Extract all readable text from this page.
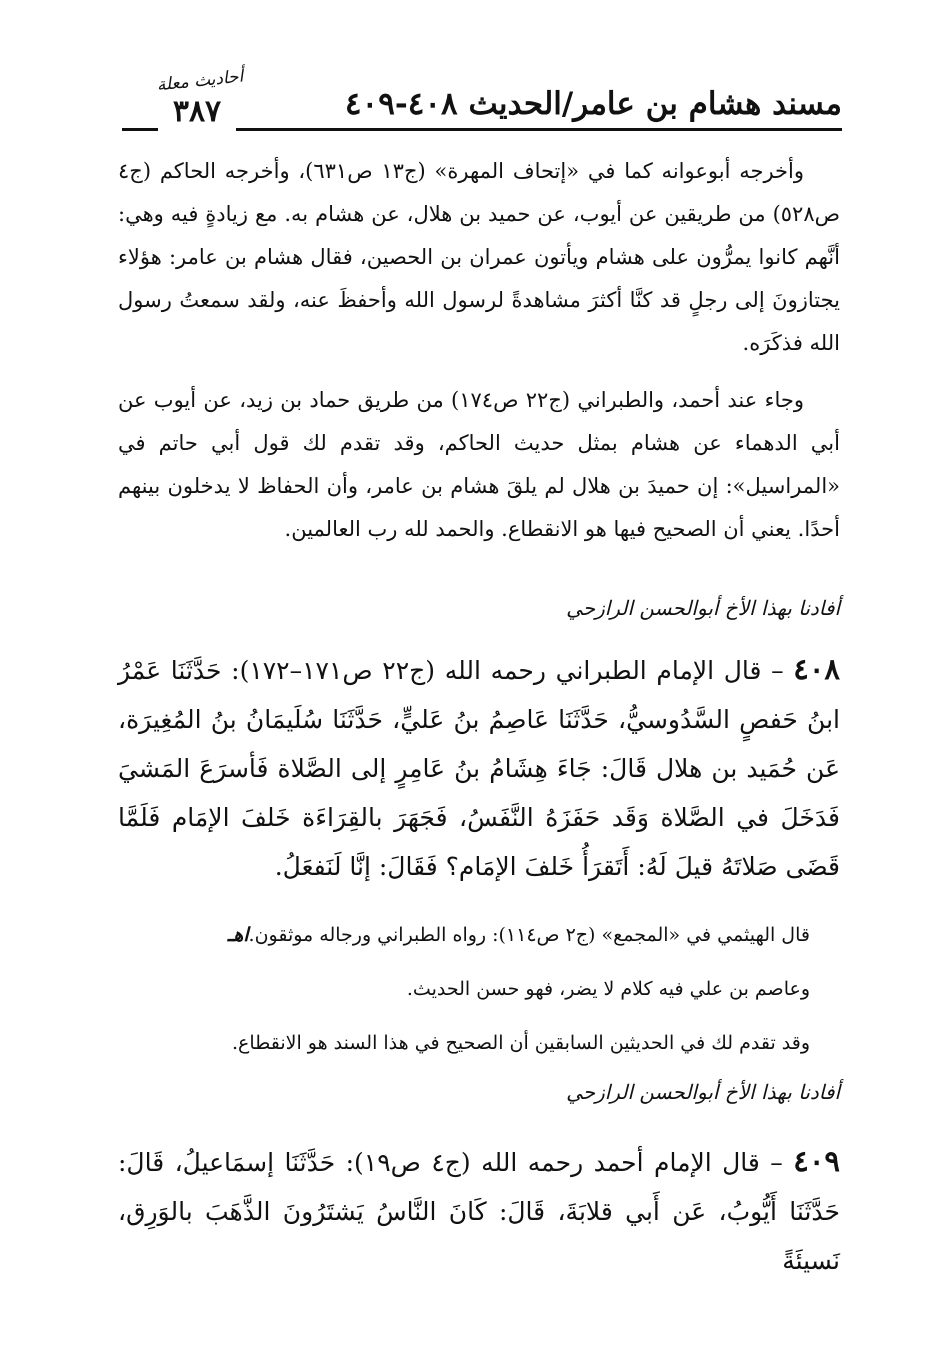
أحاديث معلة
٣٨٧	مسند هشام بن عامر/الحديث ٤٠٨-٤٠٩

وأخرجه أبوعوانه كما في «إتحاف المهرة» (ج١٣ ص٦٣١)، وأخرجه الحاكم (ج٤ ص٥٢٨) من طريقين عن أيوب، عن حميد بن هلال، عن هشام به. مع زيادةٍ فيه وهي: أنَّهم كانوا يمرُّون على هشام ويأتون عمران بن الحصين، فقال هشام بن عامر: هؤلاء يجتازونَ إلى رجلٍ قد كنَّا أكثرَ مشاهدةً لرسول الله وأحفظَ عنه، ولقد سمعتُ رسول الله فذكَرَه.

وجاء عند أحمد، والطبراني (ج٢٢ ص١٧٤) من طريق حماد بن زيد، عن أيوب عن أبي الدهماء عن هشام بمثل حديث الحاكم، وقد تقدم لك قول أبي حاتم في «المراسيل»: إن حميدَ بن هلال لم يلقَ هشام بن عامر، وأن الحفاظ لا يدخلون بينهم أحدًا. يعني أن الصحيح فيها هو الانقطاع. والحمد لله رب العالمين.

أفادنا بهذا الأخ أبوالحسن الرازحي

٤٠٨ – قال الإمام الطبراني رحمه الله (ج٢٢ ص١٧١–١٧٢): حَدَّثَنَا عَمْرُ ابنُ حَفصٍ السَّدُوسيُّ، حَدَّثَنَا عَاصِمُ بنُ عَليٍّ، حَدَّثَنَا سُلَيمَانُ بنُ المُغِيرَة، عَن حُمَيد بن هلال قَالَ: جَاءَ هِشَامُ بنُ عَامِرٍ إلى الصَّلاة فَأسرَعَ المَشيَ فَدَخَلَ في الصَّلاة وَقَد حَفَزَهُ النَّفَسُ، فَجَهَرَ بالقِرَاءَة خَلفَ الإمَام فَلَمَّا قَضَى صَلاتَهُ قيلَ لَهُ: أَتَقرَأُ خَلفَ الإمَام؟ فَقَالَ: إنَّا لَنَفعَلُ.

قال الهيثمي في «المجمع» (ج٢ ص١١٤): رواه الطبراني ورجاله موثقون.اهـ

وعاصم بن علي فيه كلام لا يضر، فهو حسن الحديث.

وقد تقدم لك في الحديثين السابقين أن الصحيح في هذا السند هو الانقطاع.

أفادنا بهذا الأخ أبوالحسن الرازحي

٤٠٩ – قال الإمام أحمد رحمه الله (ج٤ ص١٩): حَدَّثَنَا إسمَاعيلُ، قَالَ: حَدَّثَنَا أَيُّوبُ، عَن أَبي قلابَةَ، قَالَ: كَانَ النَّاسُ يَشتَرُونَ الذَّهَبَ بالوَرِق، نَسيئَةً
